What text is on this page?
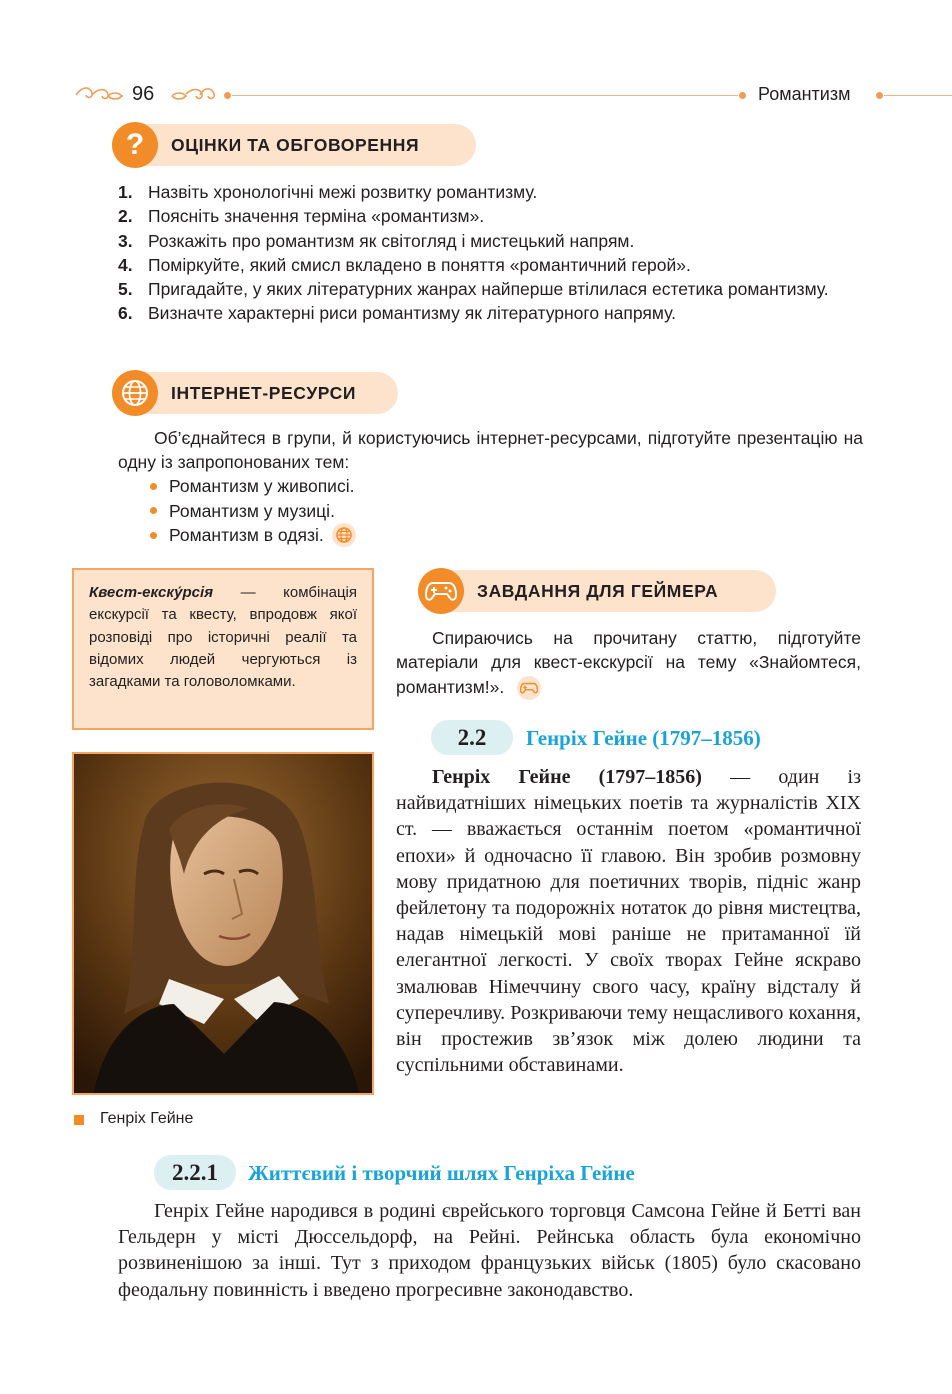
96	Романтизм
? ОЦІНКИ ТА ОБГОВОРЕННЯ
1. Назвіть хронологічні межі розвитку романтизму.
2. Поясніть значення терміна «романтизм».
3. Розкажіть про романтизм як світогляд і мистецький напрям.
4. Поміркуйте, який смисл вкладено в поняття «романтичний герой».
5. Пригадайте, у яких літературних жанрах найперше втілилася естетика романтизму.
6. Визначте характерні риси романтизму як літературного напряму.
ІНТЕРНЕТ-РЕСУРСИ
Об’єднайтеся в групи, й користуючись інтернет-ресурсами, підготуйте презентацію на одну із запропонованих тем:
Романтизм у живописі.
Романтизм у музиці.
Романтизм в одязі.
Квест-екску́рсія — комбінація екскурсії та квесту, впродовж якої розповіді про історичні реалії та відомих людей чергуються із загадками та головоломками.
ЗАВДАННЯ ДЛЯ ГЕЙМЕРА
Спираючись на прочитану статтю, підготуйте матеріали для квест-екскурсії на тему «Знайомтеся, романтизм!».
Генріх Гейне
2.2	Генріх Гейне (1797–1856)
Генріх Гейне (1797–1856) — один із найвидатніших німецьких поетів та журналістів XIX ст. — вважається останнім поетом «романтичної епохи» й одночасно її главою. Він зробив розмовну мову придатною для поетичних творів, підніс жанр фейлетону та подорожніх нотаток до рівня мистецтва, надав німецькій мові раніше не притаманної їй елегантної легкості. У своїх творах Гейне яскраво змалював Німеччину свого часу, країну відсталу й суперечливу. Розкриваючи тему нещасливого кохання, він простежив зв’язок між долею людини та суспільними обставинами.
2.2.1	Життєвий і творчий шлях Генріха Гейне
Генріх Гейне народився в родині єврейського торговця Самсона Гейне й Бетті ван Гельдерн у місті Дюссельдорф, на Рейні. Рейнська область була економічно розвиненішою за інші. Тут з приходом французьких військ (1805) було скасовано феодальну повинність і введено прогресивне законодавство.
